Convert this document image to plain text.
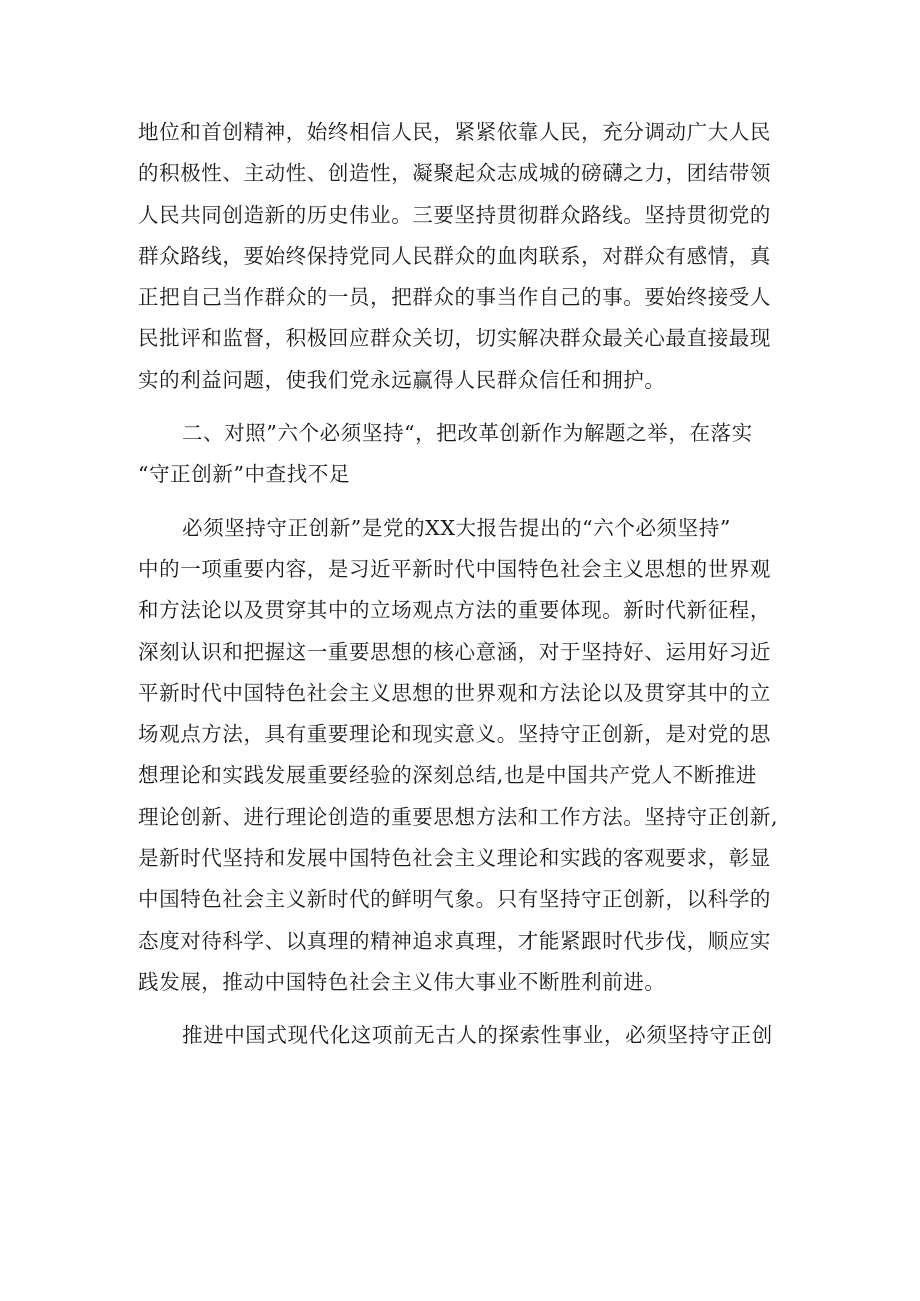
地位和首创精神，始终相信人民，紧紧依靠人民，充分调动广大人民
的积极性、主动性、创造性，凝聚起众志成城的磅礴之力，团结带领
人民共同创造新的历史伟业。三要坚持贯彻群众路线。坚持贯彻党的
群众路线，要始终保持党同人民群众的血肉联系，对群众有感情，真
正把自己当作群众的一员，把群众的事当作自己的事。要始终接受人
民批评和监督，积极回应群众关切，切实解决群众最关心最直接最现
实的利益问题，使我们党永远赢得人民群众信任和拥护。
二、对照”六个必须坚持“，把改革创新作为解题之举，在落实
“守正创新”中查找不足
必须坚持守正创新”是党的XX大报告提出的“六个必须坚持”
中的一项重要内容，是习近平新时代中国特色社会主义思想的世界观
和方法论以及贯穿其中的立场观点方法的重要体现。新时代新征程，
深刻认识和把握这一重要思想的核心意涵，对于坚持好、运用好习近
平新时代中国特色社会主义思想的世界观和方法论以及贯穿其中的立
场观点方法，具有重要理论和现实意义。坚持守正创新，是对党的思
想理论和实践发展重要经验的深刻总结,也是中国共产党人不断推进
理论创新、进行理论创造的重要思想方法和工作方法。坚持守正创新,
是新时代坚持和发展中国特色社会主义理论和实践的客观要求，彰显
中国特色社会主义新时代的鲜明气象。只有坚持守正创新，以科学的
态度对待科学、以真理的精神追求真理，才能紧跟时代步伐，顺应实
践发展，推动中国特色社会主义伟大事业不断胜利前进。
推进中国式现代化这项前无古人的探索性事业，必须坚持守正创
